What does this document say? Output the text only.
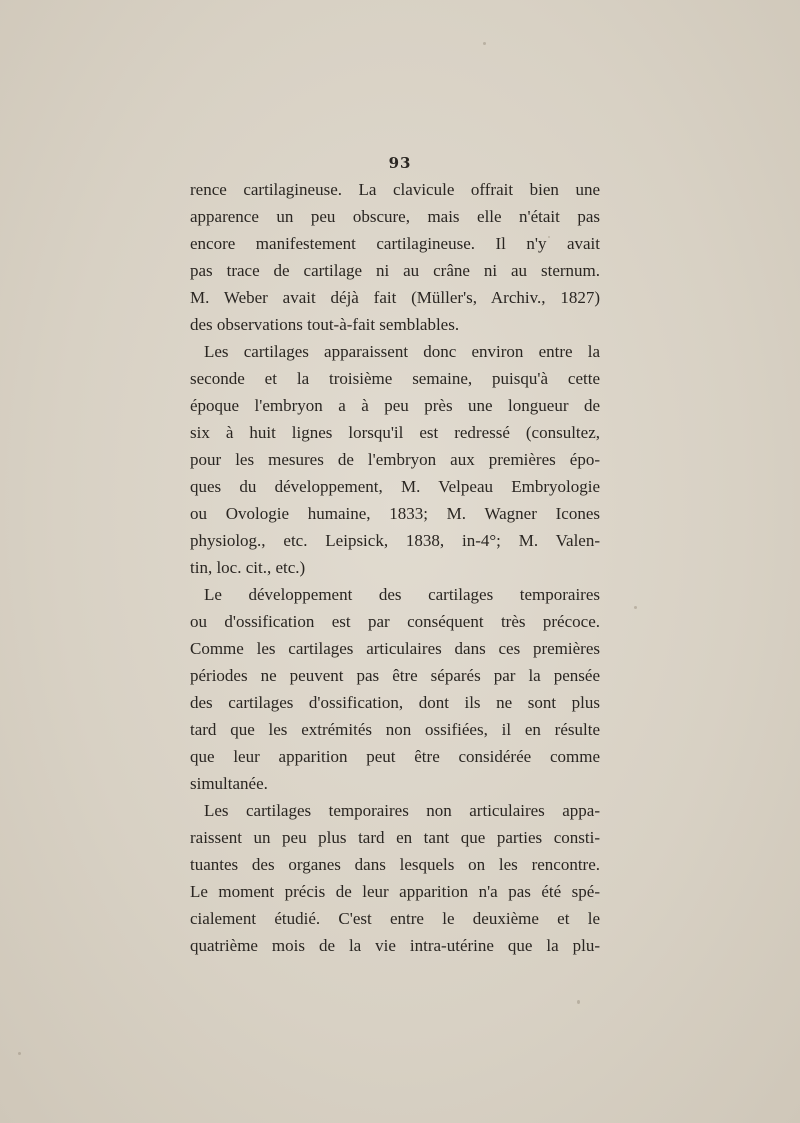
93
rence cartilagineuse. La clavicule offrait bien une
apparence un peu obscure, mais elle n'était pas
encore manifestement cartilagineuse. Il n'y avait
pas trace de cartilage ni au crâne ni au sternum.
M. Weber avait déjà fait (Müller's, Archiv., 1827)
des observations tout-à-fait semblables.
Les cartilages apparaissent donc environ entre la
seconde et la troisième semaine, puisqu'à cette
époque l'embryon a à peu près une longueur de
six à huit lignes lorsqu'il est redressé (consultez,
pour les mesures de l'embryon aux premières épo-
ques du développement, M. Velpeau Embryologie
ou Ovologie humaine, 1833; M. Wagner Icones
physiolog., etc. Leipsick, 1838, in-4°; M. Valen-
tin, loc. cit., etc.)
Le développement des cartilages temporaires
ou d'ossification est par conséquent très précoce.
Comme les cartilages articulaires dans ces premières
périodes ne peuvent pas être séparés par la pensée
des cartilages d'ossification, dont ils ne sont plus
tard que les extrémités non ossifiées, il en résulte
que leur apparition peut être considérée comme
simultanée.
Les cartilages temporaires non articulaires appa-
raissent un peu plus tard en tant que parties consti-
tuantes des organes dans lesquels on les rencontre.
Le moment précis de leur apparition n'a pas été spé-
cialement étudié. C'est entre le deuxième et le
quatrième mois de la vie intra-utérine que la plu-
